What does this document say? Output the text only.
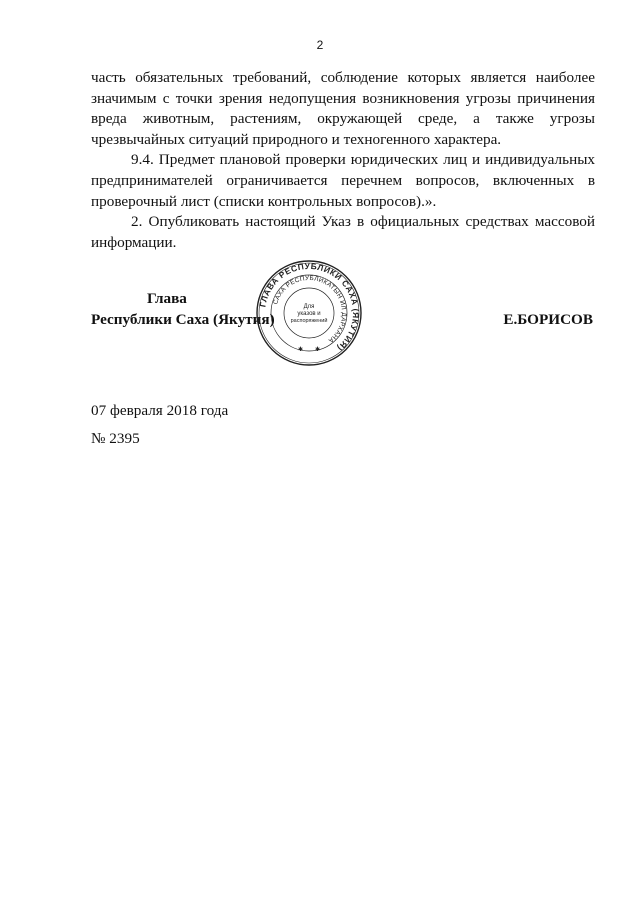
2

часть обязательных требований, соблюдение которых является наиболее значимым с точки зрения недопущения возникновения угрозы причинения вреда животным, растениям, окружающей среде, а также угрозы чрезвычайных ситуаций природного и техногенного характера.

9.4. Предмет плановой проверки юридических лиц и индивидуальных предпринимателей ограничивается перечнем вопросов, включенных в проверочный лист (списки контрольных вопросов).».

2. Опубликовать настоящий Указ в официальных средствах массовой информации.

Глава
Республики Саха (Якутия)	Е.БОРИСОВ
ГЛАВА РЕСПУБЛИКИ САХА (ЯКУТИЯ)
САХА РЕСПУБЛИКАТЫН ИЛ ДАРХАНА
Для
указов и
распоряжений
✱ ✱
07 февраля 2018 года
№ 2395
